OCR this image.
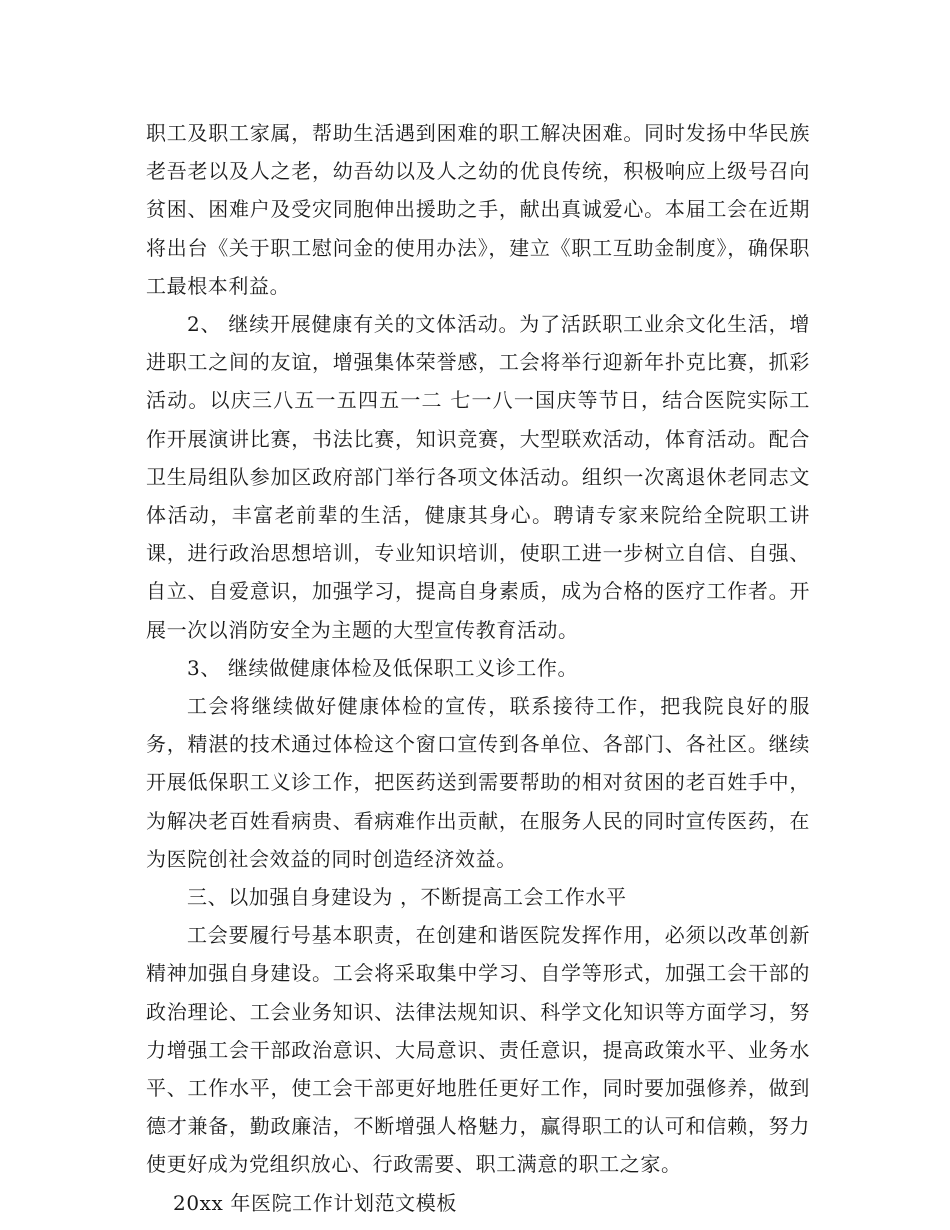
职工及职工家属，帮助生活遇到困难的职工解决困难。同时发扬中华民族老吾老以及人之老，幼吾幼以及人之幼的优良传统，积极响应上级号召向贫困、困难户及受灾同胞伸出援助之手，献出真诚爱心。本届工会在近期将出台《关于职工慰问金的使用办法》，建立《职工互助金制度》，确保职工最根本利益。

2、 继续开展健康有关的文体活动。为了活跃职工业余文化生活，增进职工之间的友谊，增强集体荣誉感，工会将举行迎新年扑克比赛，抓彩活动。以庆三八五一五四五一二 七一八一国庆等节日，结合医院实际工作开展演讲比赛，书法比赛，知识竞赛，大型联欢活动，体育活动。配合卫生局组队参加区政府部门举行各项文体活动。组织一次离退休老同志文体活动，丰富老前辈的生活，健康其身心。聘请专家来院给全院职工讲课，进行政治思想培训，专业知识培训，使职工进一步树立自信、自强、自立、自爱意识，加强学习，提高自身素质，成为合格的医疗工作者。开展一次以消防安全为主题的大型宣传教育活动。

3、 继续做健康体检及低保职工义诊工作。

工会将继续做好健康体检的宣传，联系接待工作，把我院良好的服务，精湛的技术通过体检这个窗口宣传到各单位、各部门、各社区。继续开展低保职工义诊工作，把医药送到需要帮助的相对贫困的老百姓手中，为解决老百姓看病贵、看病难作出贡献，在服务人民的同时宣传医药，在为医院创社会效益的同时创造经济效益。

三、以加强自身建设为 ，不断提高工会工作水平

工会要履行号基本职责，在创建和谐医院发挥作用，必须以改革创新精神加强自身建设。工会将采取集中学习、自学等形式，加强工会干部的政治理论、工会业务知识、法律法规知识、科学文化知识等方面学习，努力增强工会干部政治意识、大局意识、责任意识，提高政策水平、业务水平、工作水平，使工会干部更好地胜任更好工作，同时要加强修养，做到德才兼备，勤政廉洁，不断增强人格魅力，赢得职工的认可和信赖，努力使更好成为党组织放心、行政需要、职工满意的职工之家。

20xx 年医院工作计划范文模板
